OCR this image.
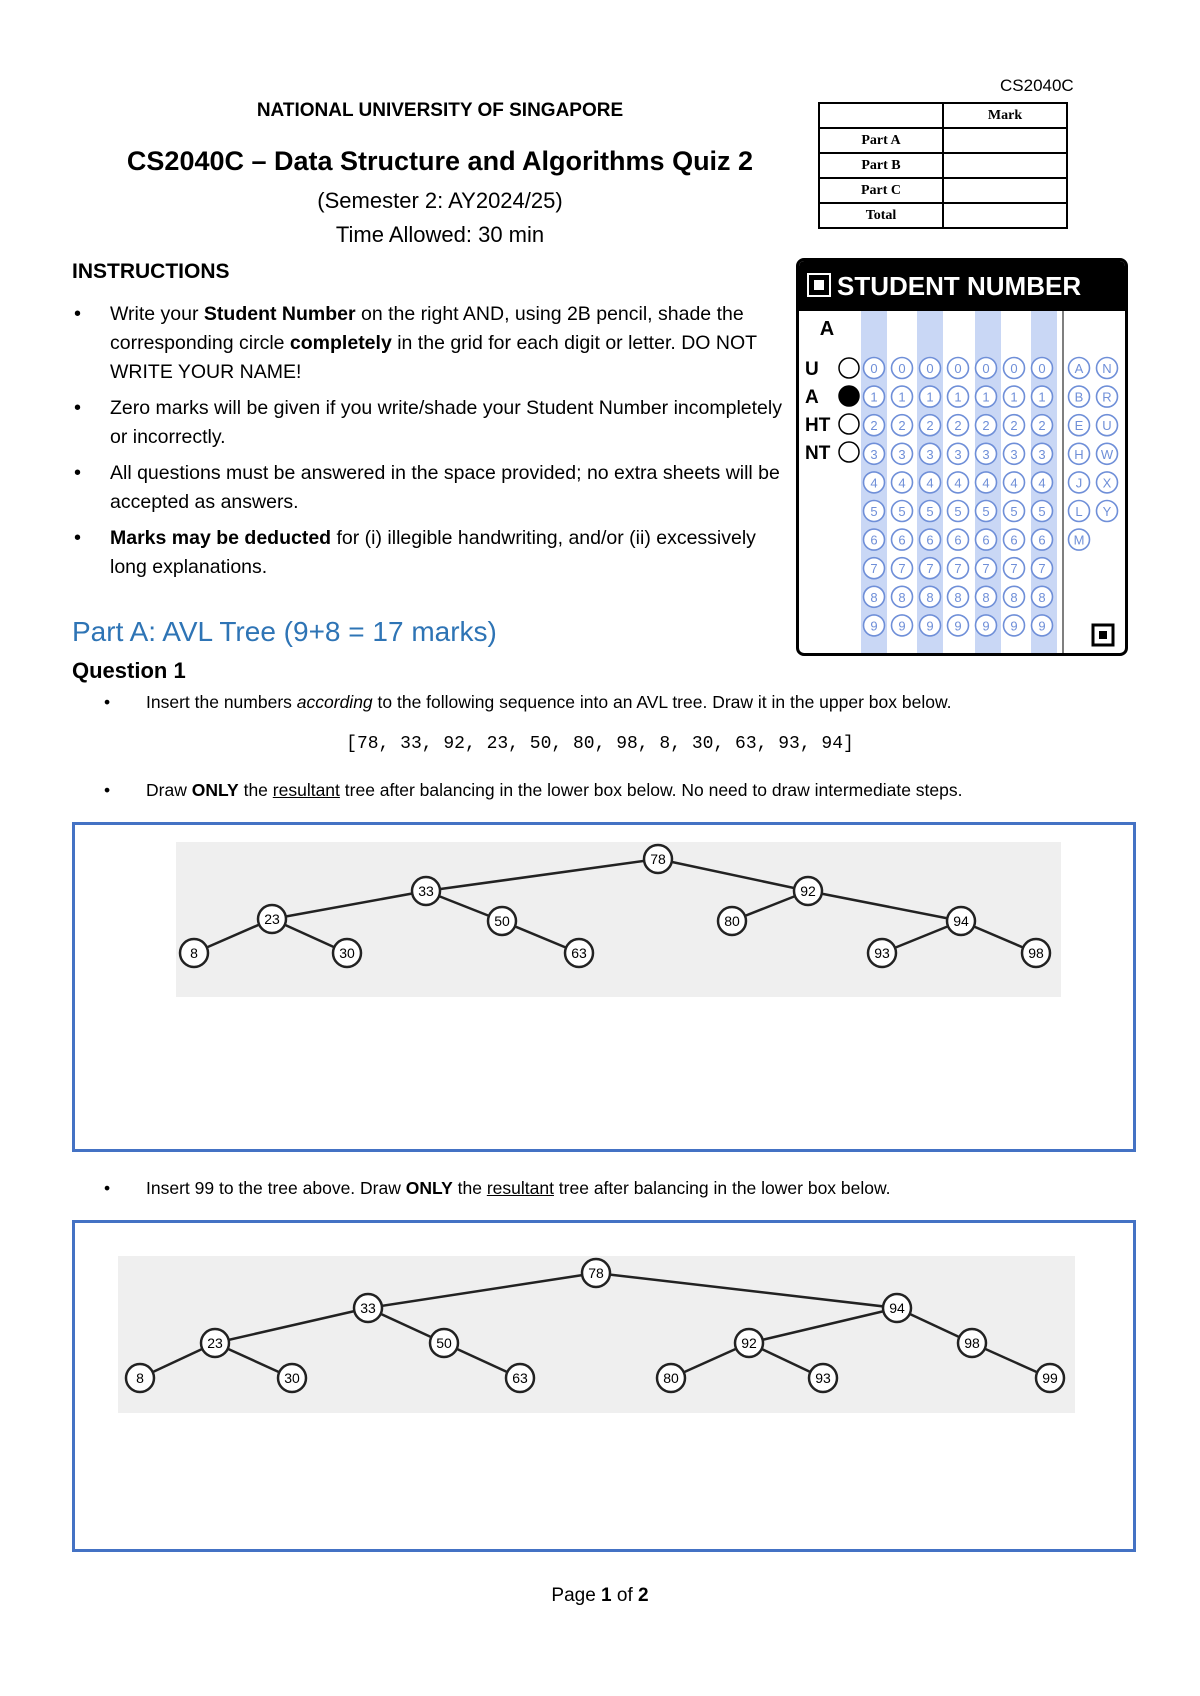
CS2040C
NATIONAL UNIVERSITY OF SINGAPORE
CS2040C – Data Structure and Algorithms Quiz 2
(Semester 2: AY2024/25)
Time Allowed: 30 min
	Mark
Part A	
Part B	
Part C	
Total	
INSTRUCTIONS
• Write your Student Number on the right AND, using 2B pencil, shade the corresponding circle completely in the grid for each digit or letter. DO NOT WRITE YOUR NAME!
• Zero marks will be given if you write/shade your Student Number incompletely or incorrectly.
• All questions must be answered in the space provided; no extra sheets will be accepted as answers.
• Marks may be deducted for (i) illegible handwriting, and/or (ii) excessively long explanations.
STUDENT NUMBER
A
U
A
HT
NT
0 0 0 0 0 0 0
1 1 1 1 1 1 1
2 2 2 2 2 2 2
3 3 3 3 3 3 3
4 4 4 4 4 4 4
5 5 5 5 5 5 5
6 6 6 6 6 6 6
7 7 7 7 7 7 7
8 8 8 8 8 8 8
9 9 9 9 9 9 9
A N
B R
E U
H W
J X
L Y
M
Part A: AVL Tree (9+8 = 17 marks)
Question 1
Insert the numbers according to the following sequence into an AVL tree. Draw it in the upper box below.
[78, 33, 92, 23, 50, 80, 98, 8, 30, 63, 93, 94]
Draw ONLY the resultant tree after balancing in the lower box below. No need to draw intermediate steps.
78
33	92
23	50	80	94
8	30	63	93	98
Insert 99 to the tree above. Draw ONLY the resultant tree after balancing in the lower box below.
78
33	94
23	50	92	98
8	30	63	80	93	99
Page 1 of 2
